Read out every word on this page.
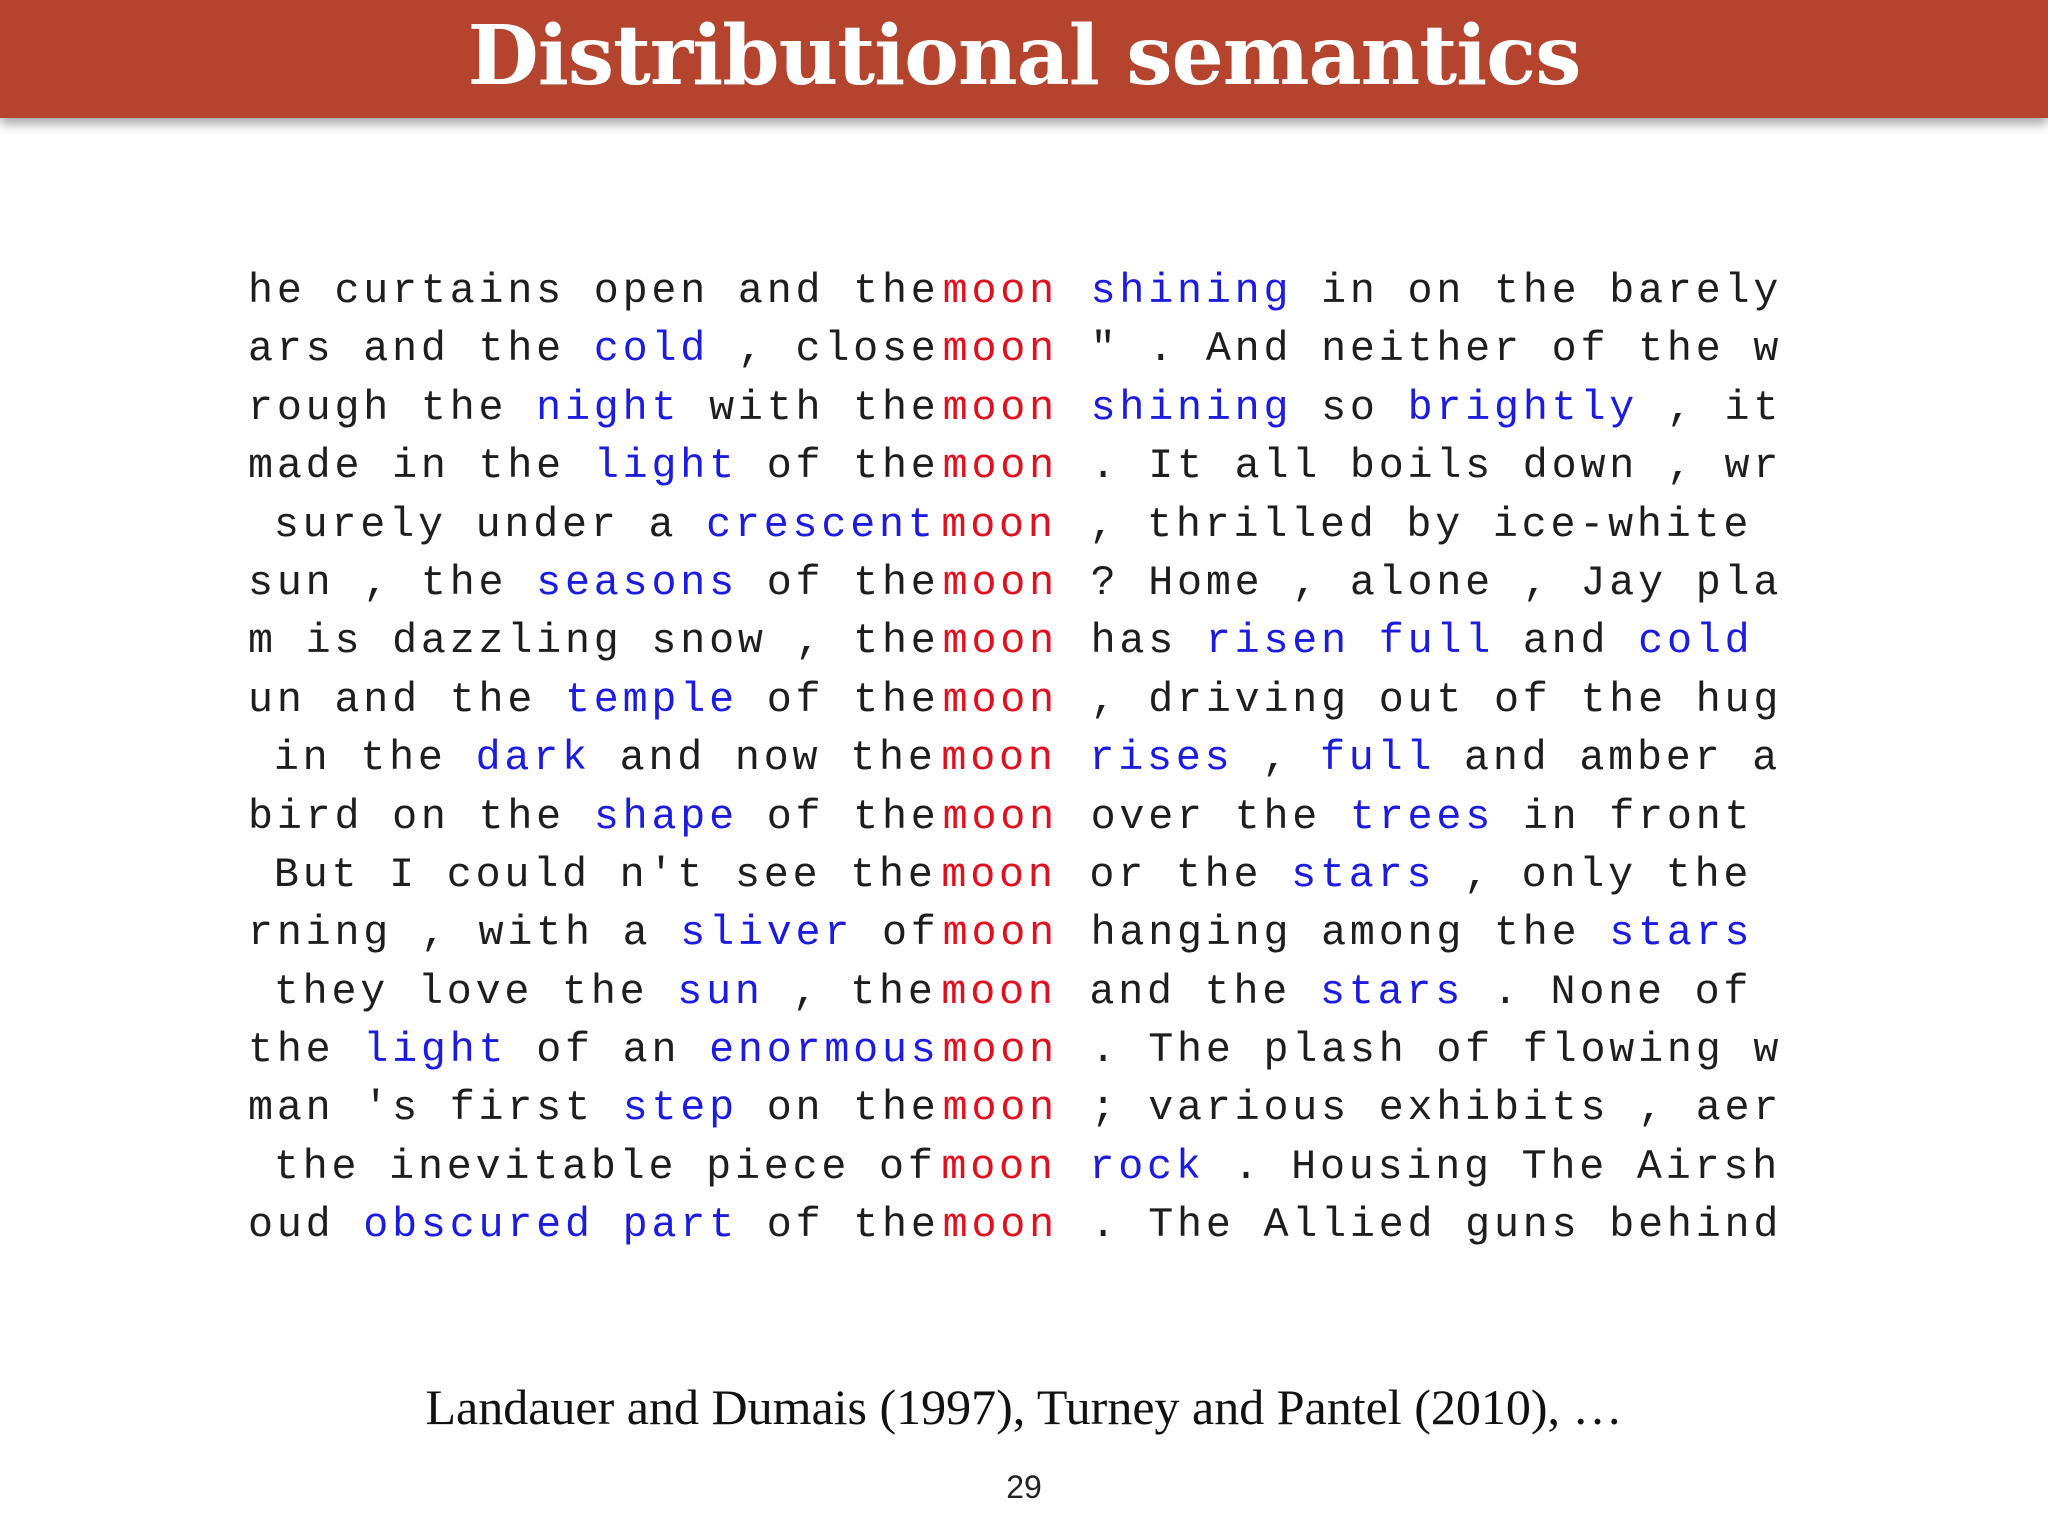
Distributional semantics
he curtains open and the
moon shining in on the barely
ars and the cold , close moon " . And neither of the w
rough the night with the moon shining so brightly , it
made in the light of the moon . It all boils down , wr
surely under a crescent moon , thrilled by ice-white
sun , the seasons of the moon ? Home , alone , Jay pla
m is dazzling snow , the moon has risen full and cold
un and the temple of the moon , driving out of the hug
in the dark and now the moon rises , full and amber a
bird on the shape of the moon over the trees in front
But I could n't see the moon or the stars , only the
rning , with a sliver of moon hanging among the stars
they love the sun , the moon and the stars . None of
the light of an enormous moon . The plash of flowing w
man 's first step on the moon ; various exhibits , aer
the inevitable piece of moon rock . Housing The Airsh
oud obscured part of the moon . The Allied guns behind
Landauer and Dumais (1997), Turney and Pantel (2010), …
29
